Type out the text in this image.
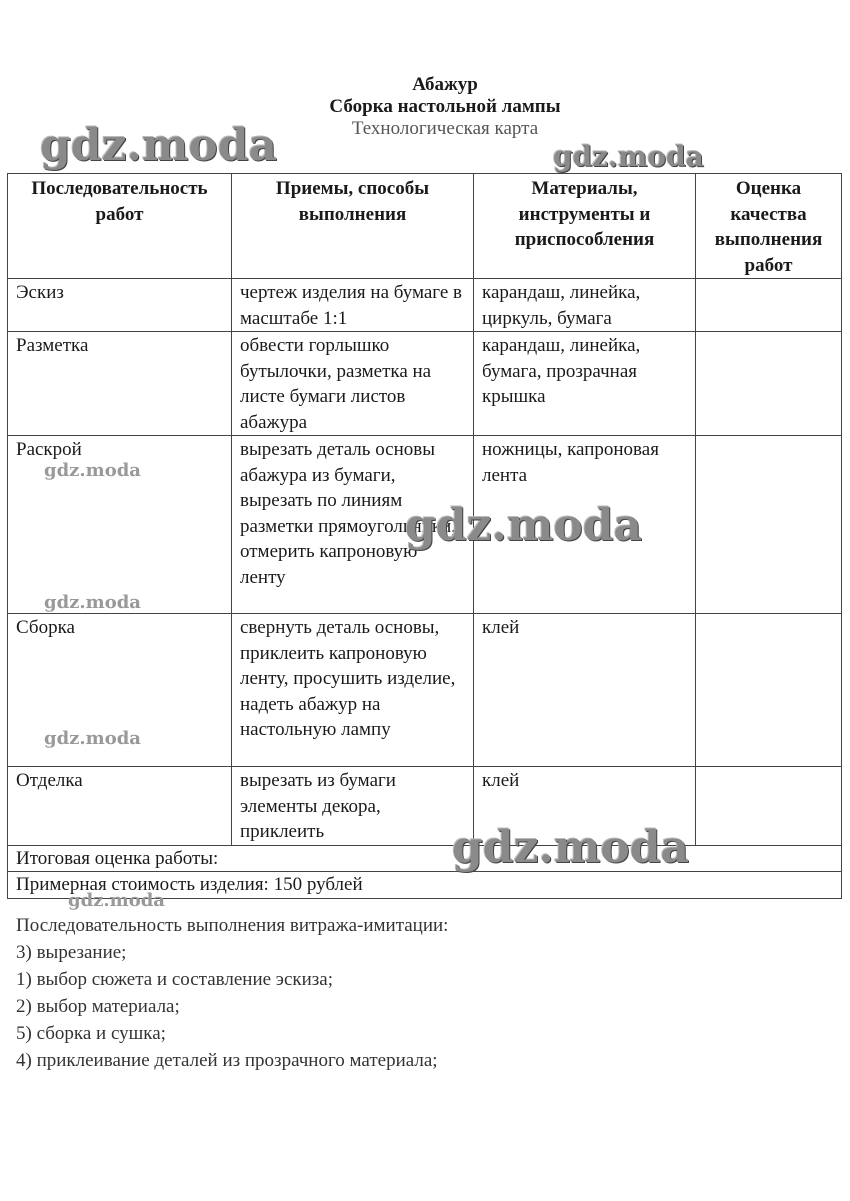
Абажур
Сборка настольной лампы
Технологическая карта
Последовательность работ	Приемы, способы выполнения	Материалы, инструменты и приспособления	Оценка качества выполнения работ
Эскиз	чертеж изделия на бумаге в масштабе 1:1	карандаш, линейка, циркуль, бумага	
Разметка	обвести горлышко бутылочки, разметка на листе бумаги листов абажура	карандаш, линейка, бумага, прозрачная крышка	
Раскрой	вырезать деталь основы абажура из бумаги, вырезать по линиям разметки прямоугольники, отмерить капроновую ленту	ножницы, капроновая лента	
Сборка	свернуть деталь основы, приклеить капроновую ленту, просушить изделие, надеть абажур на настольную лампу	клей	
Отделка	вырезать из бумаги элементы декора, приклеить	клей	
Итоговая оценка работы:			
Примерная стоимость изделия: 150 рублей			
Последовательность выполнения витража-имитации:
3) вырезание;
1) выбор сюжета и составление эскиза;
2) выбор материала;
5) сборка и сушка;
4) приклеивание деталей из прозрачного материала;
gdz.moda	gdz.moda
gdz.moda
gdz.moda
gdz.moda
gdz.moda
gdz.moda
gdz.moda
